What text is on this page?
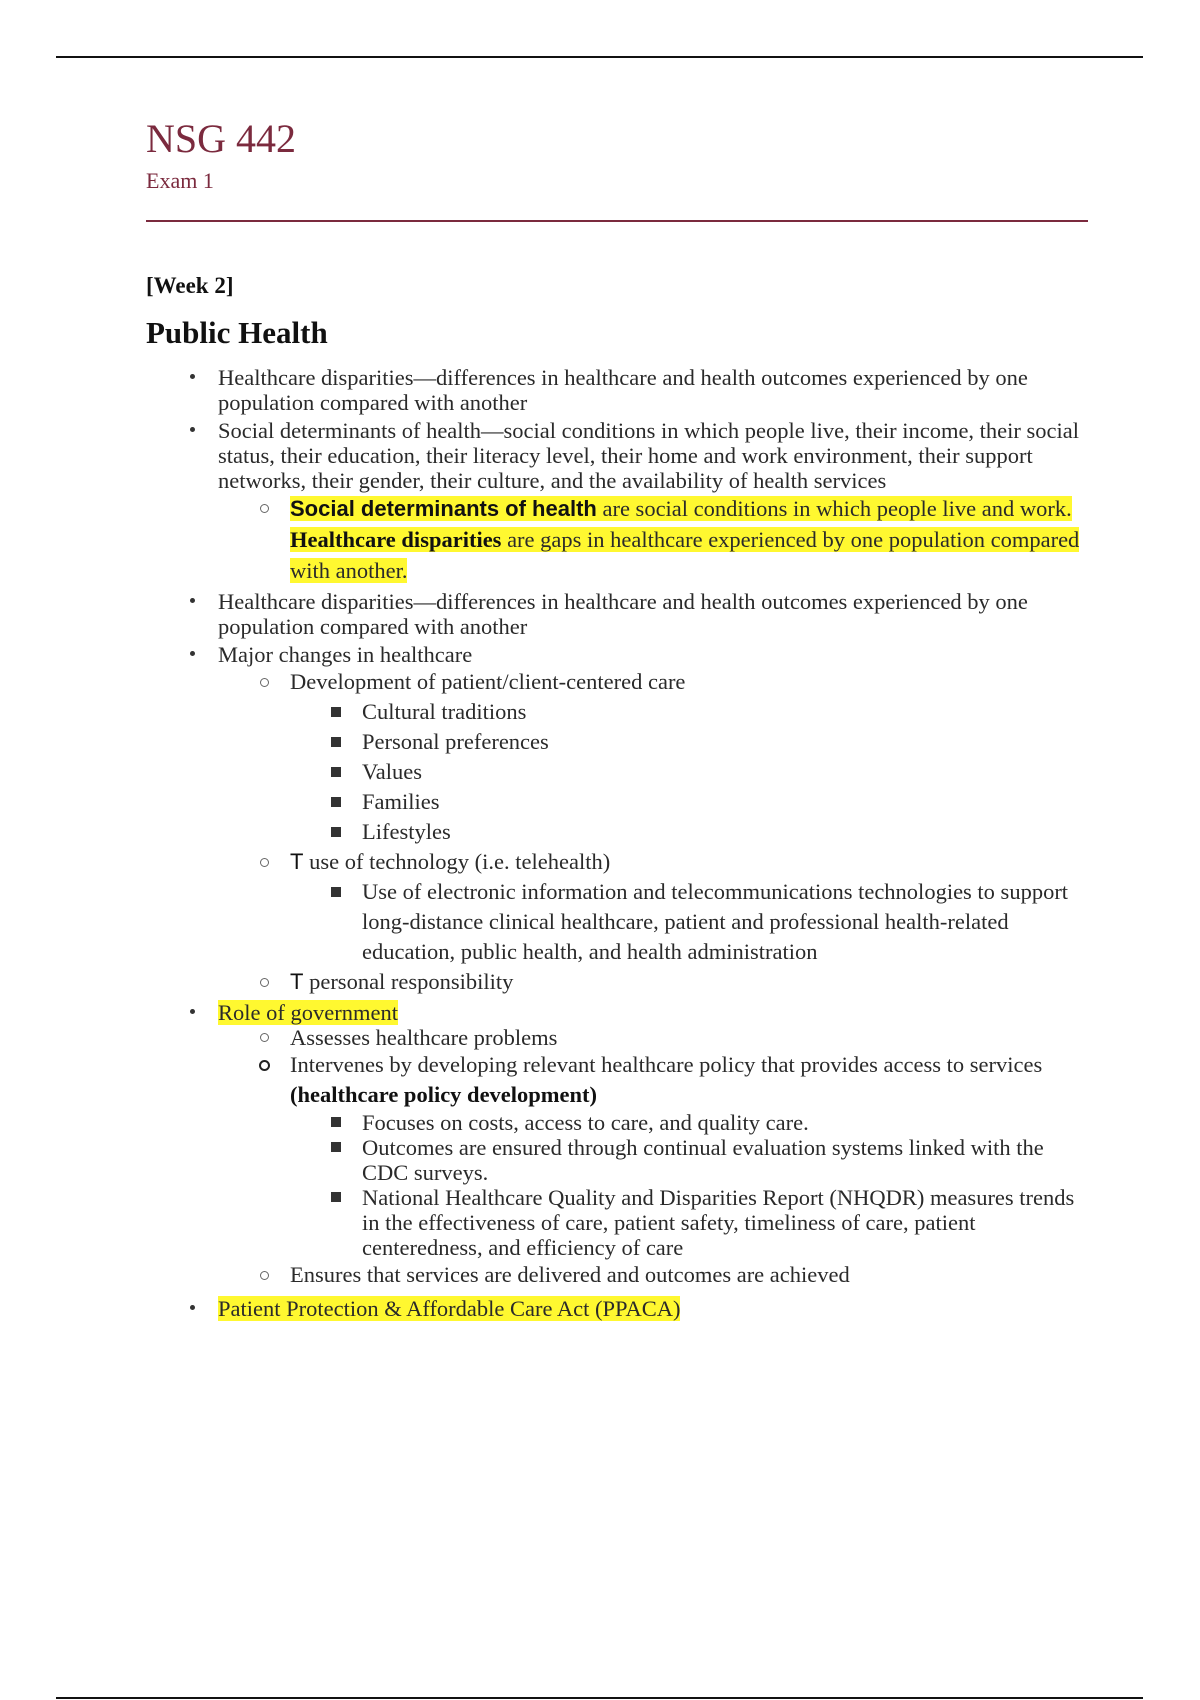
NSG 442
Exam 1
[Week 2]
Public Health
Healthcare disparities—differences in healthcare and health outcomes experienced by one population compared with another
Social determinants of health—social conditions in which people live, their income, their social status, their education, their literacy level, their home and work environment, their support networks, their gender, their culture, and the availability of health services
Social determinants of health are social conditions in which people live and work. Healthcare disparities are gaps in healthcare experienced by one population compared with another.
Healthcare disparities—differences in healthcare and health outcomes experienced by one population compared with another
Major changes in healthcare
Development of patient/client-centered care
Cultural traditions
Personal preferences
Values
Families
Lifestyles
T use of technology (i.e. telehealth)
Use of electronic information and telecommunications technologies to support long-distance clinical healthcare, patient and professional health-related education, public health, and health administration
T personal responsibility
Role of government
Assesses healthcare problems
Intervenes by developing relevant healthcare policy that provides access to services (healthcare policy development)
Focuses on costs, access to care, and quality care.
Outcomes are ensured through continual evaluation systems linked with the CDC surveys.
National Healthcare Quality and Disparities Report (NHQDR) measures trends in the effectiveness of care, patient safety, timeliness of care, patient centeredness, and efficiency of care
Ensures that services are delivered and outcomes are achieved
Patient Protection & Affordable Care Act (PPACA)
